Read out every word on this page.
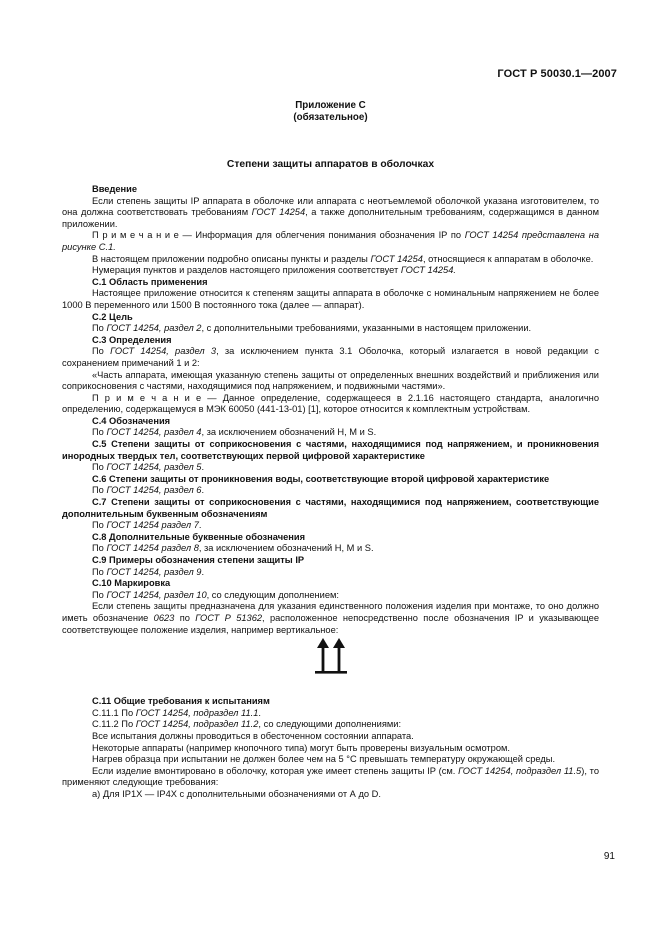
ГОСТ Р 50030.1—2007
Приложение С
(обязательное)
Степени защиты аппаратов в оболочках

Введение

Если степень защиты IP аппарата в оболочке или аппарата с неотъемлемой оболочкой указана изготовителем, то она должна соответствовать требованиям ГОСТ 14254, а также дополнительным требованиям, содержащимся в данном приложении.

П р и м е ч а н и е — Информация для облегчения понимания обозначения IP по ГОСТ 14254 представлена на рисунке С.1.

В настоящем приложении подробно описаны пункты и разделы ГОСТ 14254, относящиеся к аппаратам в оболочке.

Нумерация пунктов и разделов настоящего приложения соответствует ГОСТ 14254.

С.1 Область применения

Настоящее приложение относится к степеням защиты аппарата в оболочке с номинальным напряжением не более 1000 В переменного или 1500 В постоянного тока (далее — аппарат).

С.2 Цель

По ГОСТ 14254, раздел 2, с дополнительными требованиями, указанными в настоящем приложении.

С.3 Определения

По ГОСТ 14254, раздел 3, за исключением пункта 3.1 Оболочка, который излагается в новой редакции с сохранением примечаний 1 и 2:

«Часть аппарата, имеющая указанную степень защиты от определенных внешних воздействий и приближения или соприкосновения с частями, находящимися под напряжением, и подвижными частями».

П р и м е ч а н и е — Данное определение, содержащееся в 2.1.16 настоящего стандарта, аналогично определению, содержащемуся в МЭК 60050 (441-13-01) [1], которое относится к комплектным устройствам.

С.4 Обозначения

По ГОСТ 14254, раздел 4, за исключением обозначений Н, М и S.

С.5 Степени защиты от соприкосновения с частями, находящимися под напряжением, и проникновения инородных твердых тел, соответствующих первой цифровой характеристике

По ГОСТ 14254, раздел 5.

С.6 Степени защиты от проникновения воды, соответствующие второй цифровой характеристике

По ГОСТ 14254, раздел 6.

С.7 Степени защиты от соприкосновения с частями, находящимися под напряжением, соответствующие дополнительным буквенным обозначениям

По ГОСТ 14254 раздел 7.

С.8 Дополнительные буквенные обозначения

По ГОСТ 14254 раздел 8, за исключением обозначений Н, М и S.

С.9 Примеры обозначения степени защиты IP

По ГОСТ 14254, раздел 9.

С.10 Маркировка

По ГОСТ 14254, раздел 10, со следующим дополнением:

Если степень защиты предназначена для указания единственного положения изделия при монтаже, то оно должно иметь обозначение 0623 по ГОСТ Р 51362, расположенное непосредственно после обозначения IP и указывающее соответствующее положение изделия, например вертикальное:

С.11 Общие требования к испытаниям

С.11.1 По ГОСТ 14254, подраздел 11.1.

С.11.2 По ГОСТ 14254, подраздел 11.2, со следующими дополнениями:

Все испытания должны проводиться в обесточенном состоянии аппарата.

Некоторые аппараты (например кнопочного типа) могут быть проверены визуальным осмотром.

Нагрев образца при испытании не должен более чем на 5 °С превышать температуру окружающей среды.

Если изделие вмонтировано в оболочку, которая уже имеет степень защиты IP (см. ГОСТ 14254, подраздел 11.5), то применяют следующие требования:

а) Для IP1X — IP4X с дополнительными обозначениями от А до D.

91
